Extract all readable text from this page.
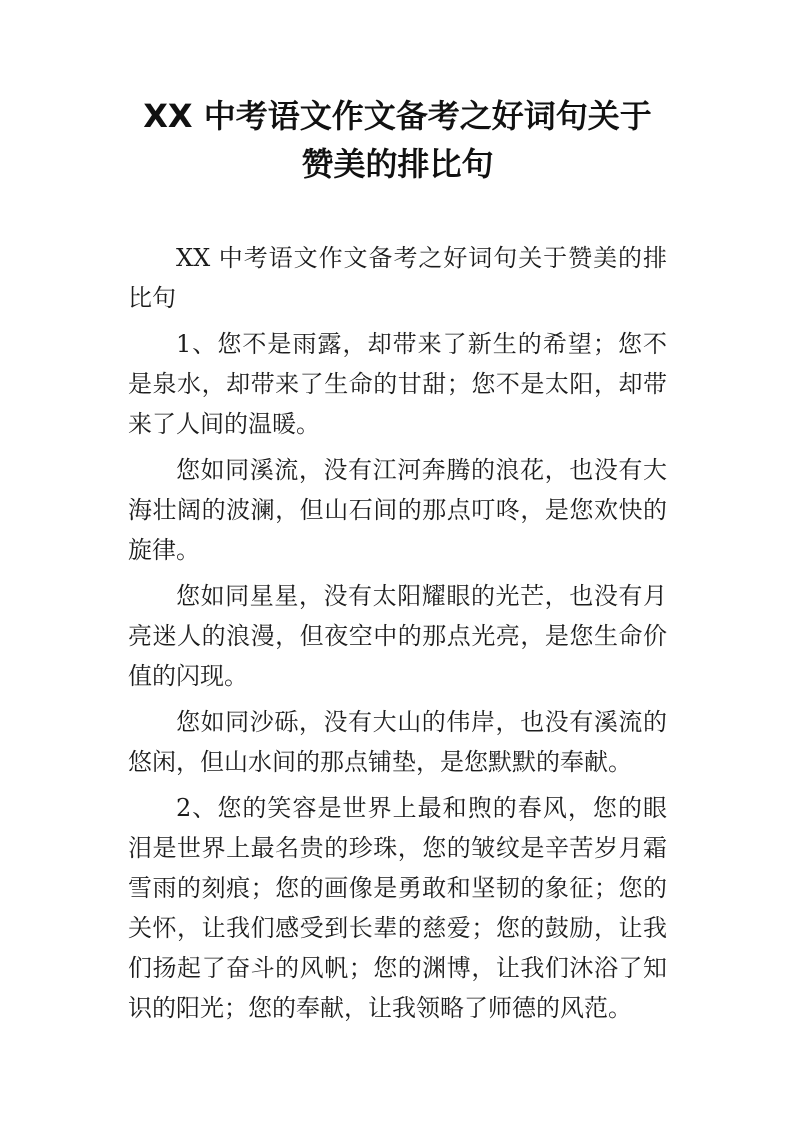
XX 中考语文作文备考之好词句关于赞美的排比句

XX 中考语文作文备考之好词句关于赞美的排比句

1、您不是雨露，却带来了新生的希望；您不是泉水，却带来了生命的甘甜；您不是太阳，却带来了人间的温暖。

您如同溪流，没有江河奔腾的浪花，也没有大海壮阔的波澜，但山石间的那点叮咚，是您欢快的旋律。

您如同星星，没有太阳耀眼的光芒，也没有月亮迷人的浪漫，但夜空中的那点光亮，是您生命价值的闪现。

您如同沙砾，没有大山的伟岸，也没有溪流的悠闲，但山水间的那点铺垫，是您默默的奉献。

2、您的笑容是世界上最和煦的春风，您的眼泪是世界上最名贵的珍珠，您的皱纹是辛苦岁月霜雪雨的刻痕；您的画像是勇敢和坚韧的象征；您的关怀，让我们感受到长辈的慈爱；您的鼓励，让我们扬起了奋斗的风帆；您的渊博，让我们沐浴了知识的阳光；您的奉献，让我领略了师德的风范。
